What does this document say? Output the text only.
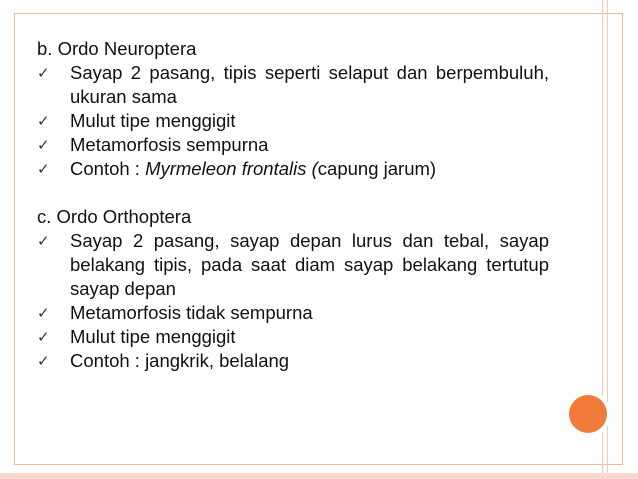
b. Ordo Neuroptera
✓ Sayap 2 pasang, tipis seperti selaput dan berpembuluh, ukuran sama
✓ Mulut tipe menggigit
✓ Metamorfosis sempurna
✓ Contoh : Myrmeleon frontalis (capung jarum)
c. Ordo Orthoptera
✓ Sayap 2 pasang, sayap depan lurus dan tebal, sayap belakang tipis, pada saat diam sayap belakang tertutup sayap depan
✓ Metamorfosis tidak sempurna
✓ Mulut tipe menggigit
✓ Contoh : jangkrik, belalang
